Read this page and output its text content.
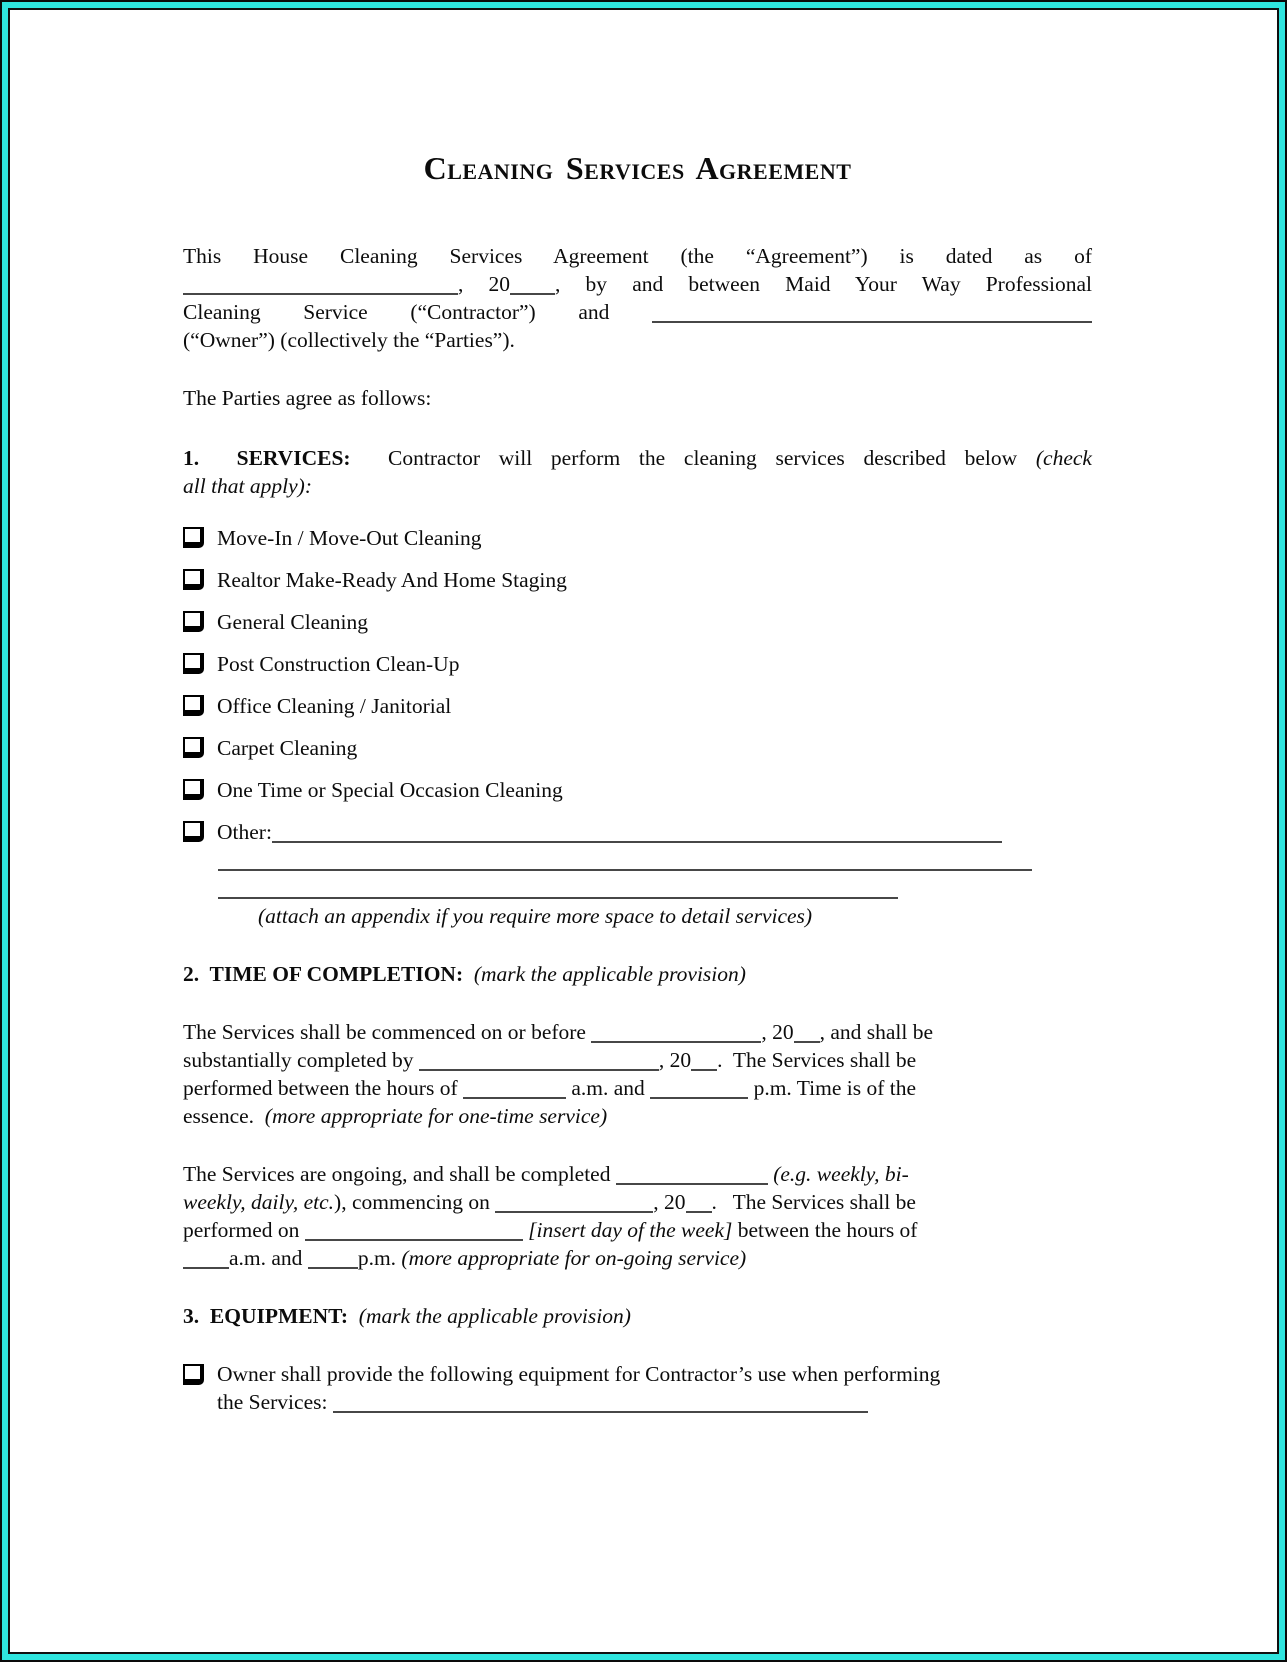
Cleaning Services Agreement
This House Cleaning Services Agreement (the “Agreement”) is dated as of
, 20 , by and between Maid Your Way Professional
Cleaning Service (“Contractor”) and
(“Owner”) (collectively the “Parties”).
The Parties agree as follows:
1.  SERVICES:  Contractor will perform the cleaning services described below (check
all that apply):
Move-In / Move-Out Cleaning
Realtor Make-Ready And Home Staging
General Cleaning
Post Construction Clean-Up
Office Cleaning / Janitorial
Carpet Cleaning
One Time or Special Occasion Cleaning
Other:
(attach an appendix if you require more space to detail services)
2.  TIME OF COMPLETION: (mark the applicable provision)
The Services shall be commenced on or before	, 20 , and shall be
substantially completed by	, 20 .  The Services shall be
performed between the hours of	a.m. and	p.m. Time is of the
essence.  (more appropriate for one-time service)
The Services are ongoing, and shall be completed	(e.g. weekly, bi-
weekly, daily, etc.), commencing on	, 20 .   The Services shall be
performed on	[insert day of the week] between the hours of
a.m. and p.m. (more appropriate for on-going service)
3.  EQUIPMENT: (mark the applicable provision)
Owner shall provide the following equipment for Contractor’s use when performing
the Services:
